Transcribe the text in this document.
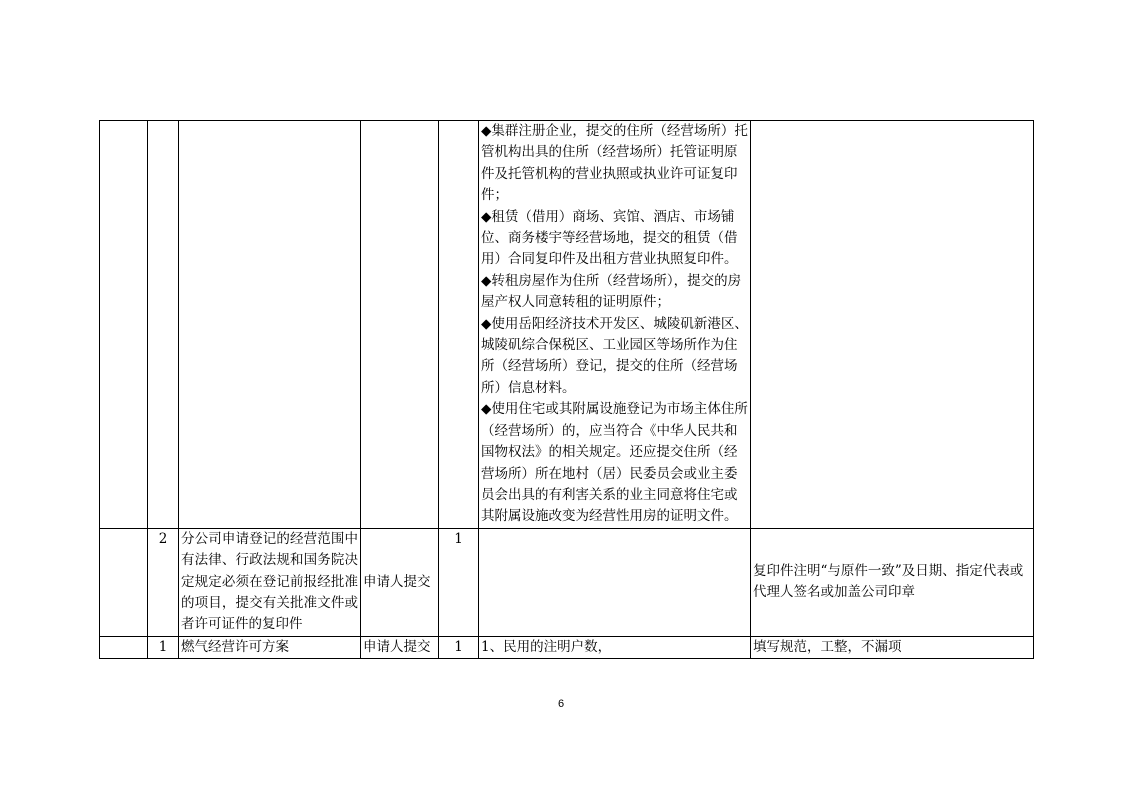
					◆集群注册企业，提交的住所（经营场所）托管机构出具的住所（经营场所）托管证明原件及托管机构的营业执照或执业许可证复印件；
◆租赁（借用）商场、宾馆、酒店、市场铺位、商务楼宇等经营场地，提交的租赁（借用）合同复印件及出租方营业执照复印件。
◆转租房屋作为住所（经营场所），提交的房屋产权人同意转租的证明原件；
◆使用岳阳经济技术开发区、城陵矶新港区、城陵矶综合保税区、工业园区等场所作为住所（经营场所）登记，提交的住所（经营场所）信息材料。
◆使用住宅或其附属设施登记为市场主体住所（经营场所）的，应当符合《中华人民共和国物权法》的相关规定。还应提交住所（经营场所）所在地村（居）民委员会或业主委员会出具的有利害关系的业主同意将住宅或其附属设施改变为经营性用房的证明文件。	

	2	分公司申请登记的经营范围中有法律、行政法规和国务院决定规定必须在登记前报经批准的项目，提交有关批准文件或者许可证件的复印件	申请人提交	1		复印件注明“与原件一致”及日期、指定代表或代理人签名或加盖公司印章
	1	燃气经营许可方案	申请人提交	1	1、民用的注明户数，	填写规范，工整，不漏项
6
